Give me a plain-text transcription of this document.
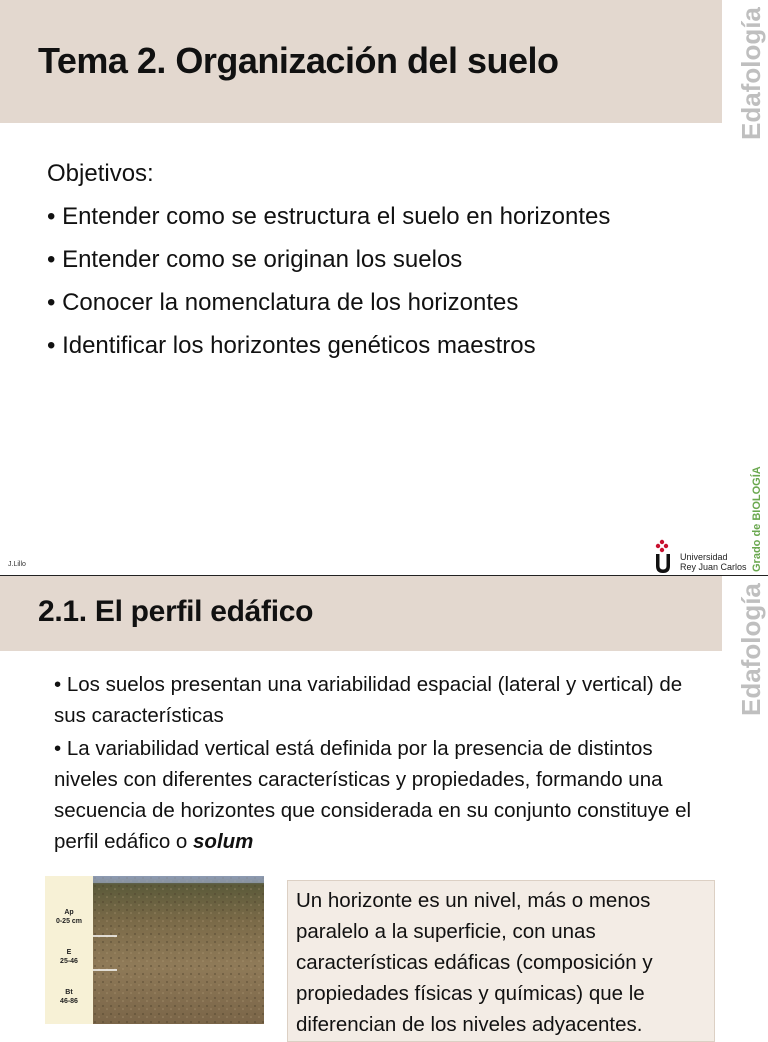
Tema 2. Organización del suelo	Edafología
Grado de BIOLOGÍA
Objetivos:
• Entender como se estructura el suelo en horizontes
• Entender como se originan los suelos
• Conocer la nomenclatura de los horizontes
• Identificar los horizontes genéticos maestros
J.Lillo
Universidad
Rey Juan Carlos
2.1. El perfil edáfico	Edafología

• Los suelos presentan una variabilidad espacial (lateral y vertical) de sus características

• La variabilidad vertical está definida por la presencia de distintos niveles con diferentes características y propiedades, formando una secuencia de horizontes que considerada en su conjunto constituye el perfil edáfico o solum

Ap
0-25 cm
E
25-46
Bt
46-86
Un horizonte es un nivel, más o menos paralelo a la superficie, con unas características edáficas (composición y propiedades físicas y químicas) que le diferencian de los niveles adyacentes.
